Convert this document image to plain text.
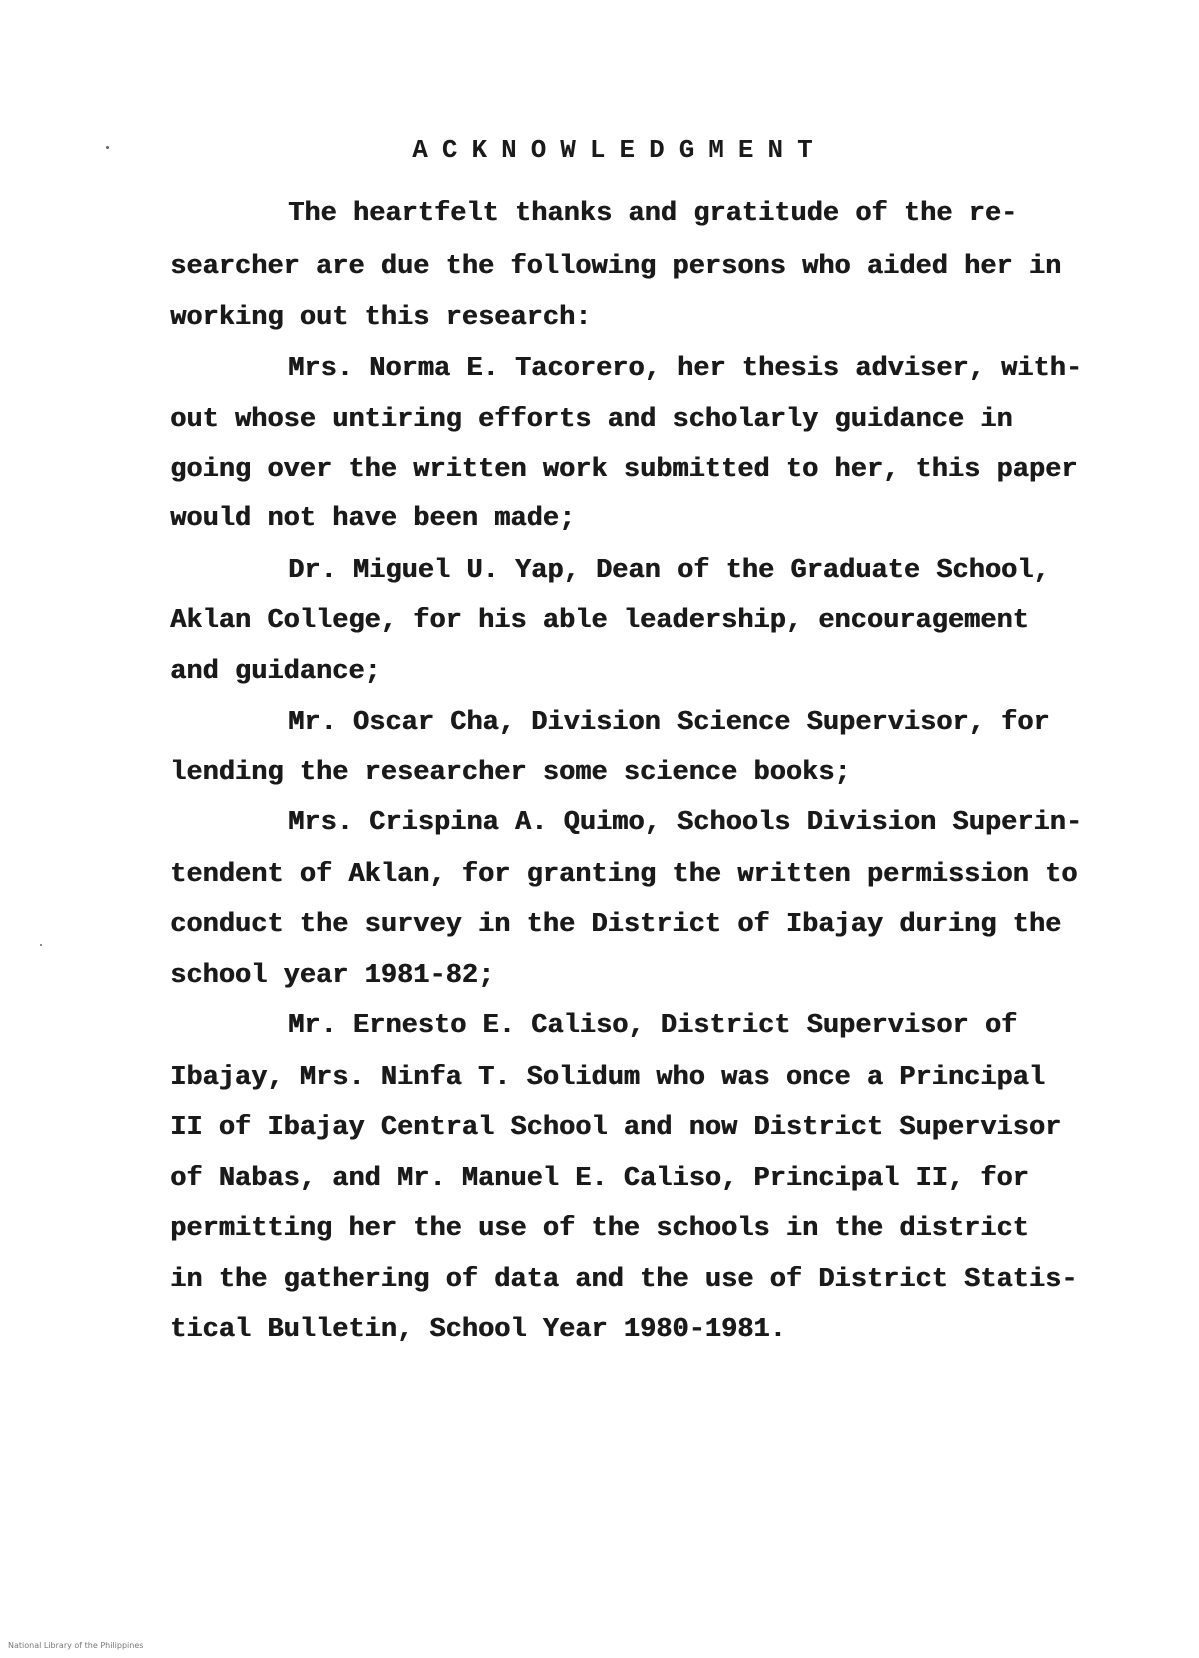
ACKNOWLEDGMENT
The heartfelt thanks and gratitude of the re-
searcher are due the following persons who aided her in
working out this research:
Mrs. Norma E. Tacorero, her thesis adviser, with-
out whose untiring efforts and scholarly guidance in
going over the written work submitted to her, this paper
would not have been made;
Dr. Miguel U. Yap, Dean of the Graduate School,
Aklan College, for his able leadership, encouragement
and guidance;
Mr. Oscar Cha, Division Science Supervisor, for
lending the researcher some science books;
Mrs. Crispina A. Quimo, Schools Division Superin-
tendent of Aklan, for granting the written permission to
conduct the survey in the District of Ibajay during the
school year 1981-82;
Mr. Ernesto E. Caliso, District Supervisor of
Ibajay, Mrs. Ninfa T. Solidum who was once a Principal
II of Ibajay Central School and now District Supervisor
of Nabas, and Mr. Manuel E. Caliso, Principal II, for
permitting her the use of the schools in the district
in the gathering of data and the use of District Statis-
tical Bulletin, School Year 1980-1981.
National Library of the Philippines
